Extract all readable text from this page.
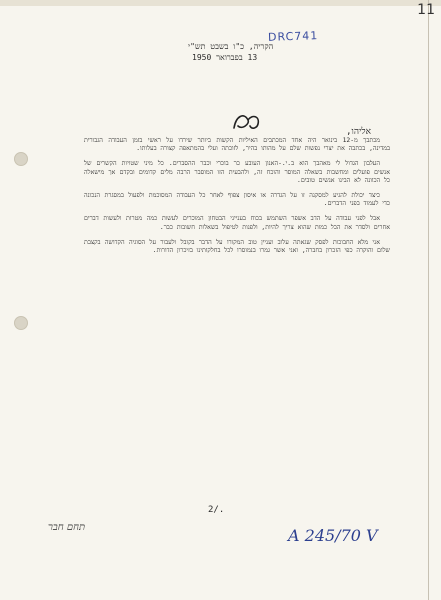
11
DRC741
הקריה, כ"ו בשבט תש"י
13 בפברואר 1950
אליהו,

מכתבך מ-12 בינואר היה אחד המכתבים האיליות הקשות ביותר שירדו על ראשי בזמן העבודה הגבורית במדינה, בכתבה את יצרי נפשות שלם על מהותו בהיר, לזוכתה ועלי בהמתאפה קצורה בעלותו.

העלבון הגדול לי מאהבך הוא ב.י.-האנון העובע כר בוכרי וכבר ההסברים. כל מיני שטויות הקשרים של אנשים פועלים ומחשבות בשאלה המוסר והוכח זה, ולהבעית הזו המוסבר הרבה מלים קדומים ובקדם אך מישאלה כל הכוונה לא הבינו אנשים טובים.

כיצד יכולת להגיע למסקנה זו על הגדרה או איסון צפוף לאחר כל העבודה המסוכמת ולפעול במסגרת הנכונה כדי לעמוד בפני הדברים.

אבל לפני עבודה על הדב אשפר השתמש בכוח בענייני הבטחון המוכרים לעשות כמה מטרות ולעשות דברים אחרים ולסדר את הכל כמות שהוא צריך להיות, ולפנות לטיפול בשאלות חשובות כבר.

אני מלא החבוכות לפסק שגאתה עלוב ועניין טוב המקורו על הדבר בקובל ולעבור על הסוגיה הקדושה בקצבת שלום והוקרה כפי הזכרון בחברה, ואני אשר גמרו בנמוסרו לכל בחלקותינו בזיכרון הדורות.

2/.
תחם חבר	A 245/70 V
